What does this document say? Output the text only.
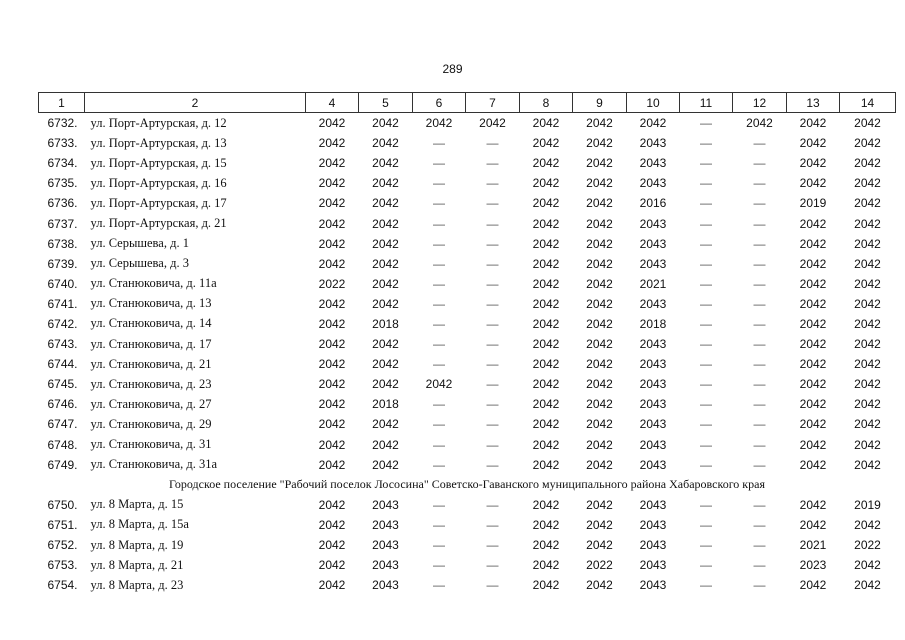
289
1	2	4	5	6	7	8	9	10	11	12	13	14
6732.	ул. Порт-Артурская, д. 12	2042	2042	2042	2042	2042	2042	2042	—	2042	2042	2042
6733.	ул. Порт-Артурская, д. 13	2042	2042	—	—	2042	2042	2043	—	—	2042	2042
6734.	ул. Порт-Артурская, д. 15	2042	2042	—	—	2042	2042	2043	—	—	2042	2042
6735.	ул. Порт-Артурская, д. 16	2042	2042	—	—	2042	2042	2043	—	—	2042	2042
6736.	ул. Порт-Артурская, д. 17	2042	2042	—	—	2042	2042	2016	—	—	2019	2042
6737.	ул. Порт-Артурская, д. 21	2042	2042	—	—	2042	2042	2043	—	—	2042	2042
6738.	ул. Серышева, д. 1	2042	2042	—	—	2042	2042	2043	—	—	2042	2042
6739.	ул. Серышева, д. 3	2042	2042	—	—	2042	2042	2043	—	—	2042	2042
6740.	ул. Станюковича, д. 11а	2022	2042	—	—	2042	2042	2021	—	—	2042	2042
6741.	ул. Станюковича, д. 13	2042	2042	—	—	2042	2042	2043	—	—	2042	2042
6742.	ул. Станюковича, д. 14	2042	2018	—	—	2042	2042	2018	—	—	2042	2042
6743.	ул. Станюковича, д. 17	2042	2042	—	—	2042	2042	2043	—	—	2042	2042
6744.	ул. Станюковича, д. 21	2042	2042	—	—	2042	2042	2043	—	—	2042	2042
6745.	ул. Станюковича, д. 23	2042	2042	2042	—	2042	2042	2043	—	—	2042	2042
6746.	ул. Станюковича, д. 27	2042	2018	—	—	2042	2042	2043	—	—	2042	2042
6747.	ул. Станюковича, д. 29	2042	2042	—	—	2042	2042	2043	—	—	2042	2042
6748.	ул. Станюковича, д. 31	2042	2042	—	—	2042	2042	2043	—	—	2042	2042
6749.	ул. Станюковича, д. 31а	2042	2042	—	—	2042	2042	2043	—	—	2042	2042
Городское поселение "Рабочий поселок Лососина" Советско-Гаванского муниципального района Хабаровского края												
6750.	ул. 8 Марта, д. 15	2042	2043	—	—	2042	2042	2043	—	—	2042	2019
6751.	ул. 8 Марта, д. 15а	2042	2043	—	—	2042	2042	2043	—	—	2042	2042
6752.	ул. 8 Марта, д. 19	2042	2043	—	—	2042	2042	2043	—	—	2021	2022
6753.	ул. 8 Марта, д. 21	2042	2043	—	—	2042	2022	2043	—	—	2023	2042
6754.	ул. 8 Марта, д. 23	2042	2043	—	—	2042	2042	2043	—	—	2042	2042
